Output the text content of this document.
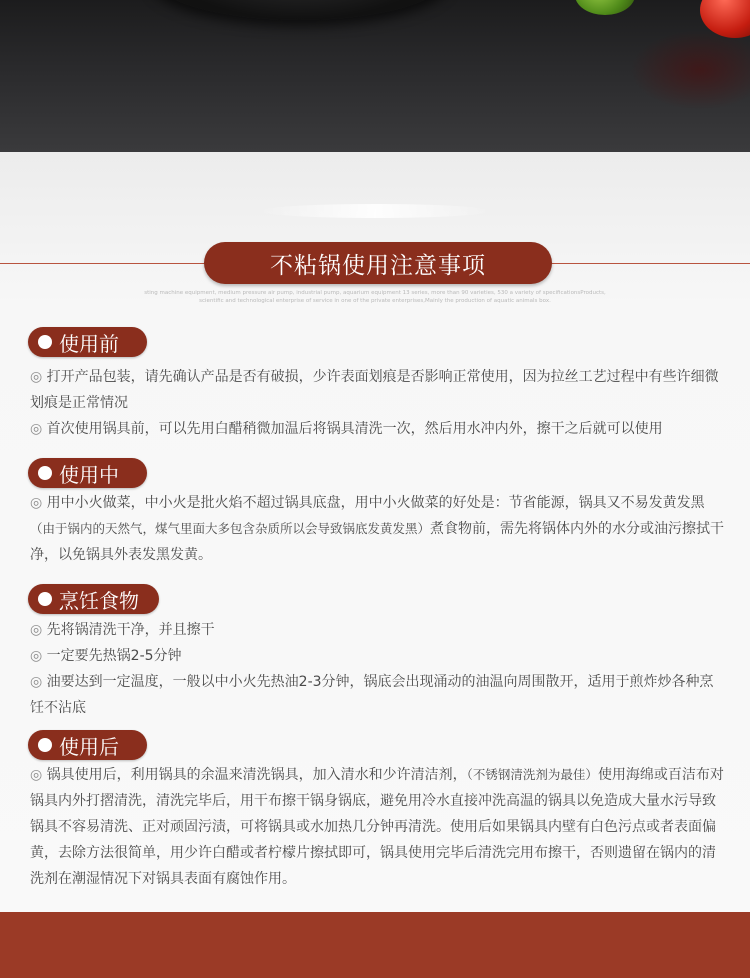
不粘锅使用注意事项
sting machine equipment, medium pressure air pump, industrial pump, aquarium equipment 13 series, more than 90 varieties, 530 a variety of specificationsProducts, scientific and technological enterprise of service in one of the private enterprises,Mainly the production of aquatic animals box.
使用前
◎ 打开产品包装，请先确认产品是否有破损，少许表面划痕是否影响正常使用，因为拉丝工艺过程中有些许细微划痕是正常情况
◎ 首次使用锅具前，可以先用白醋稍微加温后将锅具清洗一次，然后用水冲内外，擦干之后就可以使用
使用中
◎ 用中小火做菜，中小火是批火焰不超过锅具底盘，用中小火做菜的好处是：节省能源，锅具又不易发黄发黑（由于锅内的天然气，煤气里面大多包含杂质所以会导致锅底发黄发黑）煮食物前，需先将锅体内外的水分或油污擦拭干净，以免锅具外表发黑发黄。
烹饪食物
◎ 先将锅清洗干净，并且擦干
◎ 一定要先热锅2-5分钟
◎ 油要达到一定温度，一般以中小火先热油2-3分钟，锅底会出现涌动的油温向周围散开，适用于煎炸炒各种烹饪不沾底
使用后
◎ 锅具使用后，利用锅具的余温来清洗锅具，加入清水和少许清洁剂，（不锈钢清洗剂为最佳）使用海绵或百洁布对锅具内外打摺清洗，清洗完毕后，用干布擦干锅身锅底，避免用冷水直接冲洗高温的锅具以免造成大量水污导致锅具不容易清洗、正对顽固污渍，可将锅具或水加热几分钟再清洗。使用后如果锅具内壁有白色污点或者表面偏黄，去除方法很简单，用少许白醋或者柠檬片擦拭即可，锅具使用完毕后清洗完用布擦干，否则遗留在锅内的清洗剂在潮湿情况下对锅具表面有腐蚀作用。
